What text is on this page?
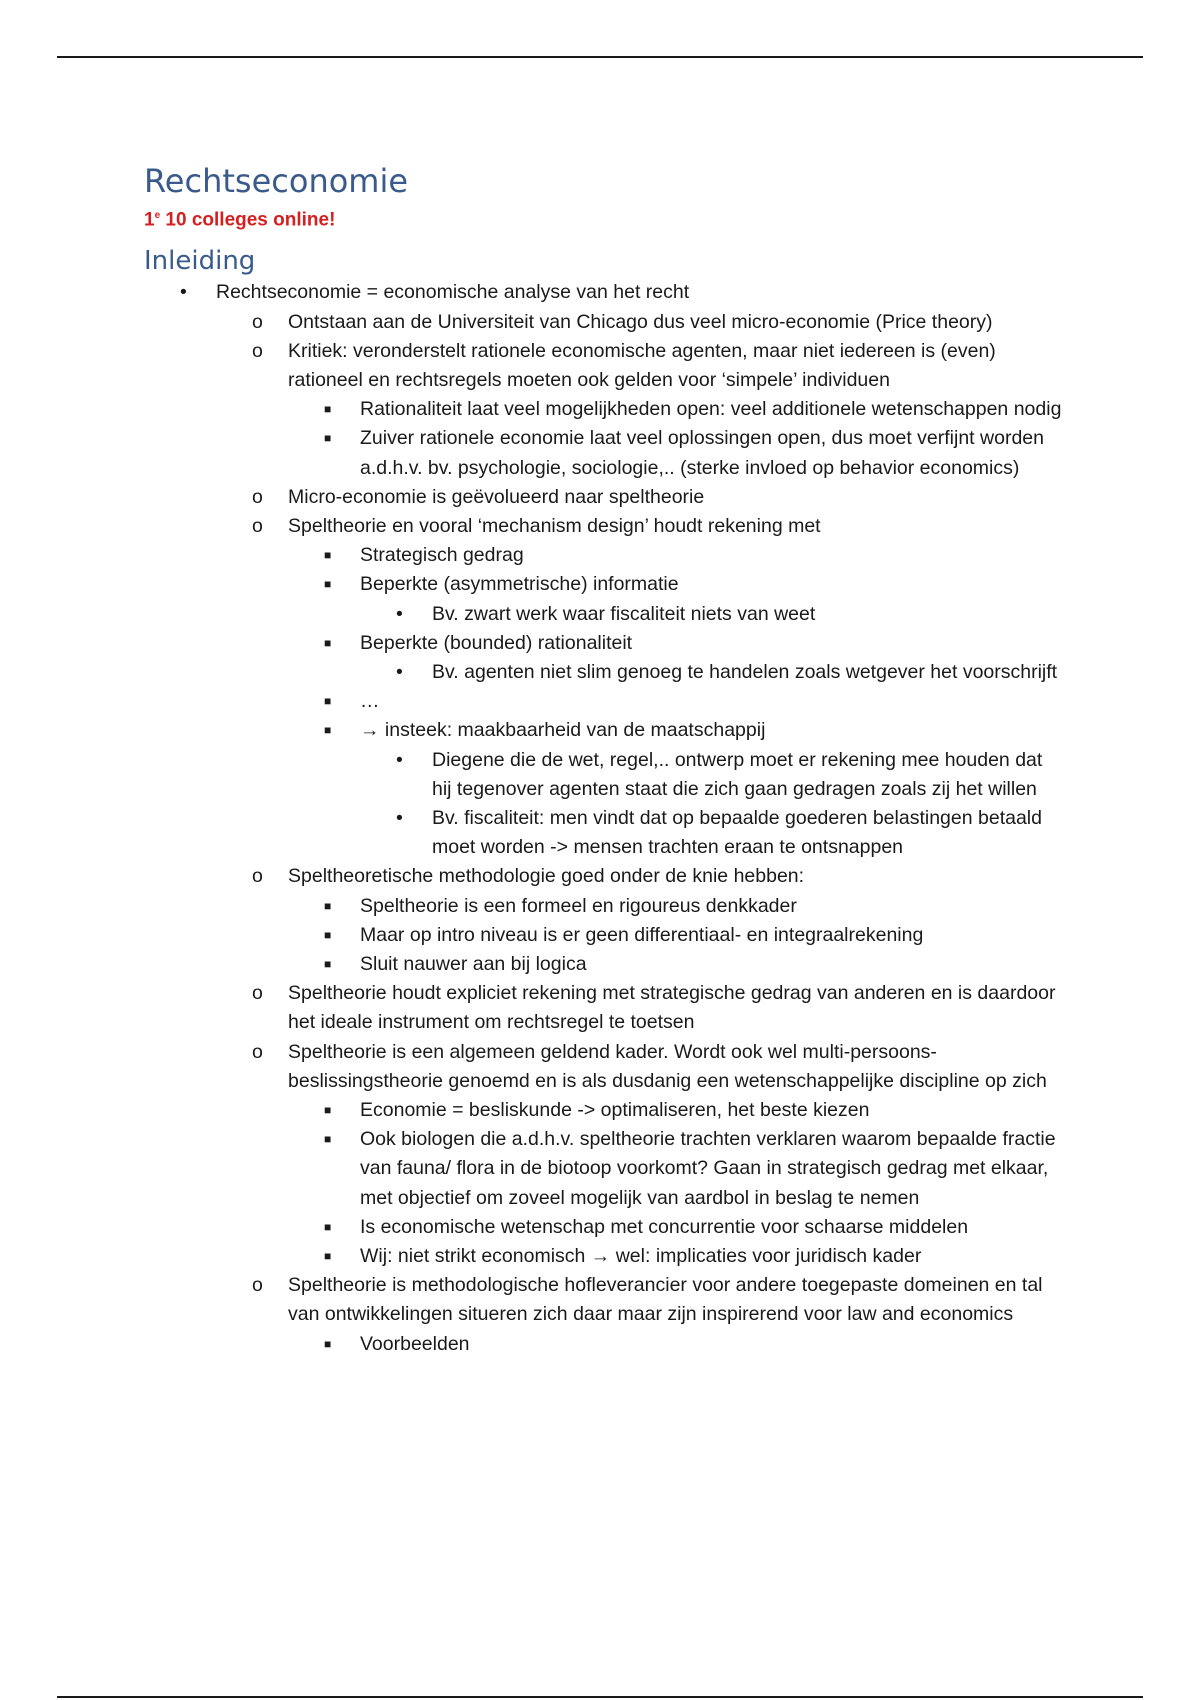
Rechtseconomie

1e 10 colleges online!

Inleiding
• Rechtseconomie = economische analyse van het recht
o Ontstaan aan de Universiteit van Chicago dus veel micro-economie (Price theory)
o Kritiek: veronderstelt rationele economische agenten, maar niet iedereen is (even) rationeel en rechtsregels moeten ook gelden voor ‘simpele’ individuen
■ Rationaliteit laat veel mogelijkheden open: veel additionele wetenschappen nodig
■ Zuiver rationele economie laat veel oplossingen open, dus moet verfijnt worden a.d.h.v. bv. psychologie, sociologie,.. (sterke invloed op behavior economics)
o Micro-economie is geëvolueerd naar speltheorie
o Speltheorie en vooral ‘mechanism design’ houdt rekening met
■ Strategisch gedrag
■ Beperkte (asymmetrische) informatie
• Bv. zwart werk waar fiscaliteit niets van weet
■ Beperkte (bounded) rationaliteit
• Bv. agenten niet slim genoeg te handelen zoals wetgever het voorschrijft
■ …
■ → insteek: maakbaarheid van de maatschappij
• Diegene die de wet, regel,.. ontwerp moet er rekening mee houden dat hij tegenover agenten staat die zich gaan gedragen zoals zij het willen
• Bv. fiscaliteit: men vindt dat op bepaalde goederen belastingen betaald moet worden -> mensen trachten eraan te ontsnappen
o Speltheoretische methodologie goed onder de knie hebben:
■ Speltheorie is een formeel en rigoureus denkkader
■ Maar op intro niveau is er geen differentiaal- en integraalrekening
■ Sluit nauwer aan bij logica
o Speltheorie houdt expliciet rekening met strategische gedrag van anderen en is daardoor het ideale instrument om rechtsregel te toetsen
o Speltheorie is een algemeen geldend kader. Wordt ook wel multi-persoons-beslissingstheorie genoemd en is als dusdanig een wetenschappelijke discipline op zich
■ Economie = besliskunde -> optimaliseren, het beste kiezen
■ Ook biologen die a.d.h.v. speltheorie trachten verklaren waarom bepaalde fractie van fauna/ flora in de biotoop voorkomt? Gaan in strategisch gedrag met elkaar, met objectief om zoveel mogelijk van aardbol in beslag te nemen
■ Is economische wetenschap met concurrentie voor schaarse middelen
■ Wij: niet strikt economisch → wel: implicaties voor juridisch kader
o Speltheorie is methodologische hofleverancier voor andere toegepaste domeinen en tal van ontwikkelingen situeren zich daar maar zijn inspirerend voor law and economics
■ Voorbeelden
